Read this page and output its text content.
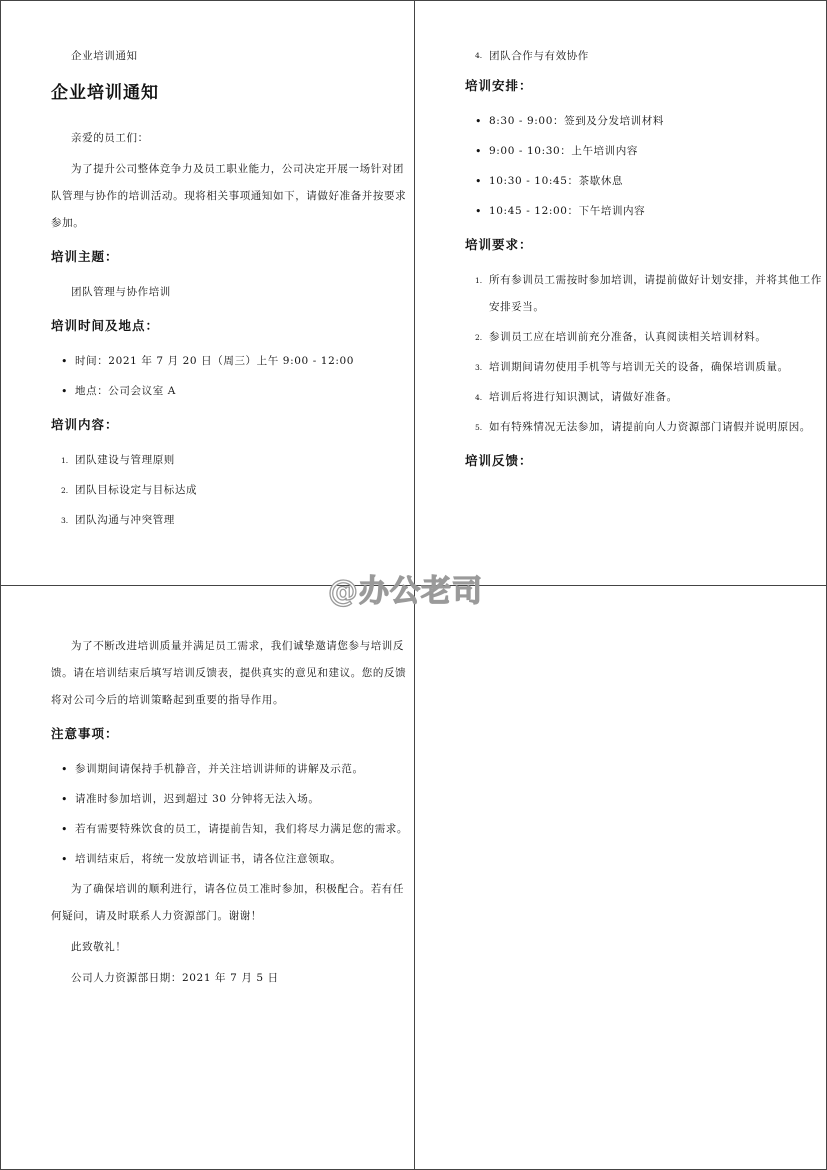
企业培训通知
企业培训通知

亲爱的员工们：

为了提升公司整体竞争力及员工职业能力，公司决定开展一场针对团队管理与协作的培训活动。现将相关事项通知如下，请做好准备并按要求参加。

培训主题：

团队管理与协作培训

培训时间及地点：
• 时间：2021 年 7 月 20 日（周三）上午 9:00 - 12:00
• 地点：公司会议室 A
培训内容：
1. 团队建设与管理原则
2. 团队目标设定与目标达成
3. 团队沟通与冲突管理
4. 团队合作与有效协作
培训安排：
• 8:30 - 9:00：签到及分发培训材料
• 9:00 - 10:30：上午培训内容
• 10:30 - 10:45：茶歇休息
• 10:45 - 12:00：下午培训内容
培训要求：
1. 所有参训员工需按时参加培训，请提前做好计划安排，并将其他工作安排妥当。
2. 参训员工应在培训前充分准备，认真阅读相关培训材料。
3. 培训期间请勿使用手机等与培训无关的设备，确保培训质量。
4. 培训后将进行知识测试，请做好准备。
5. 如有特殊情况无法参加，请提前向人力资源部门请假并说明原因。
培训反馈：

为了不断改进培训质量并满足员工需求，我们诚挚邀请您参与培训反馈。请在培训结束后填写培训反馈表，提供真实的意见和建议。您的反馈将对公司今后的培训策略起到重要的指导作用。

注意事项：
• 参训期间请保持手机静音，并关注培训讲师的讲解及示范。
• 请准时参加培训，迟到超过 30 分钟将无法入场。
• 若有需要特殊饮食的员工，请提前告知，我们将尽力满足您的需求。
• 培训结束后，将统一发放培训证书，请各位注意领取。

为了确保培训的顺利进行，请各位员工准时参加，积极配合。若有任何疑问，请及时联系人力资源部门。谢谢！

此致敬礼！

公司人力资源部日期：2021 年 7 月 5 日

@办公老司
